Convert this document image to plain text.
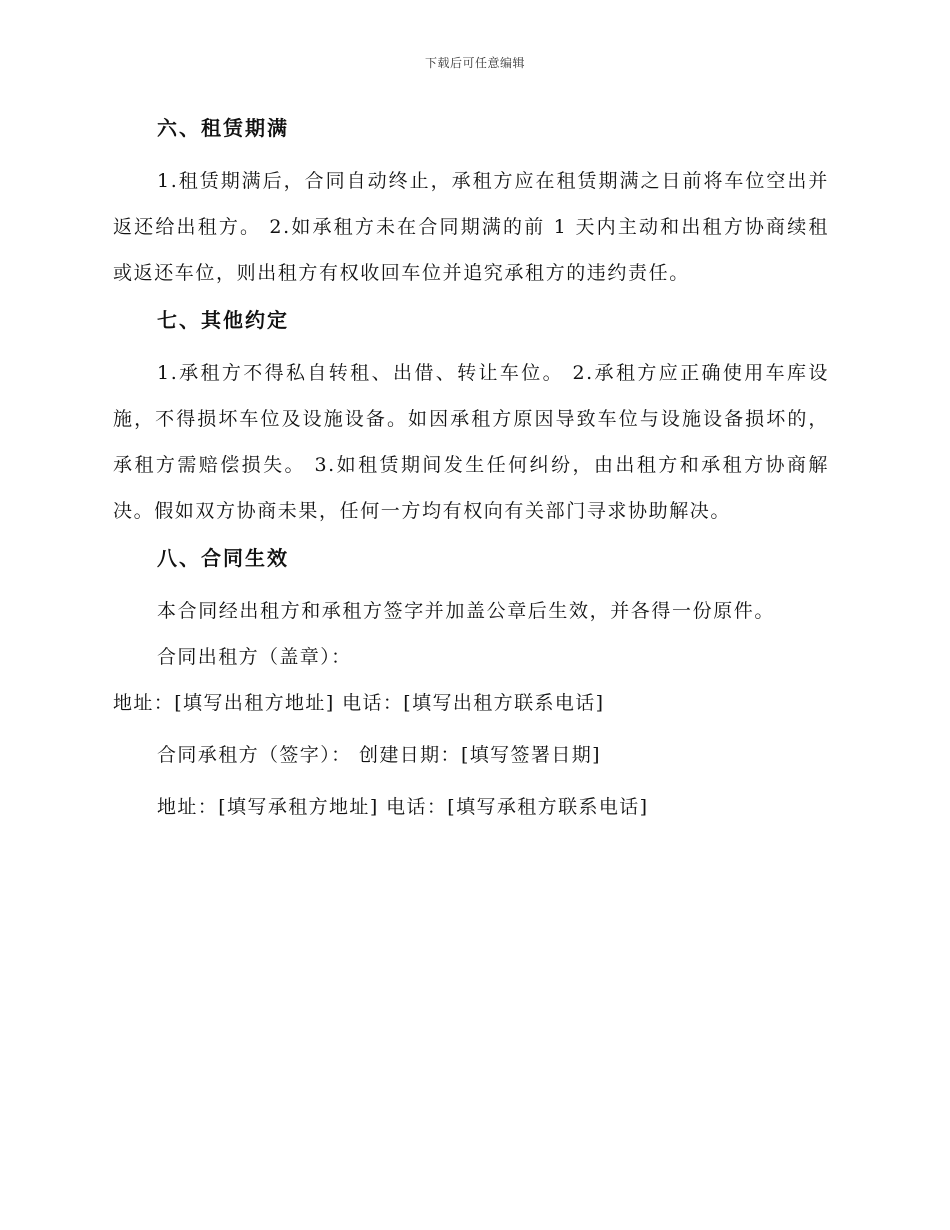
下载后可任意编辑
六、租赁期满

1.租赁期满后，合同自动终止，承租方应在租赁期满之日前将车位空出并返还给出租方。 2.如承租方未在合同期满的前 1 天内主动和出租方协商续租或返还车位，则出租方有权收回车位并追究承租方的违约责任。

七、其他约定

1.承租方不得私自转租、出借、转让车位。 2.承租方应正确使用车库设施，不得损坏车位及设施设备。如因承租方原因导致车位与设施设备损坏的，承租方需赔偿损失。 3.如租赁期间发生任何纠纷，由出租方和承租方协商解决。假如双方协商未果，任何一方均有权向有关部门寻求协助解决。

八、合同生效

本合同经出租方和承租方签字并加盖公章后生效，并各得一份原件。

合同出租方（盖章）：

地址：[填写出租方地址] 电话：[填写出租方联系电话]

合同承租方（签字）： 创建日期：[填写签署日期]

地址：[填写承租方地址] 电话：[填写承租方联系电话]
